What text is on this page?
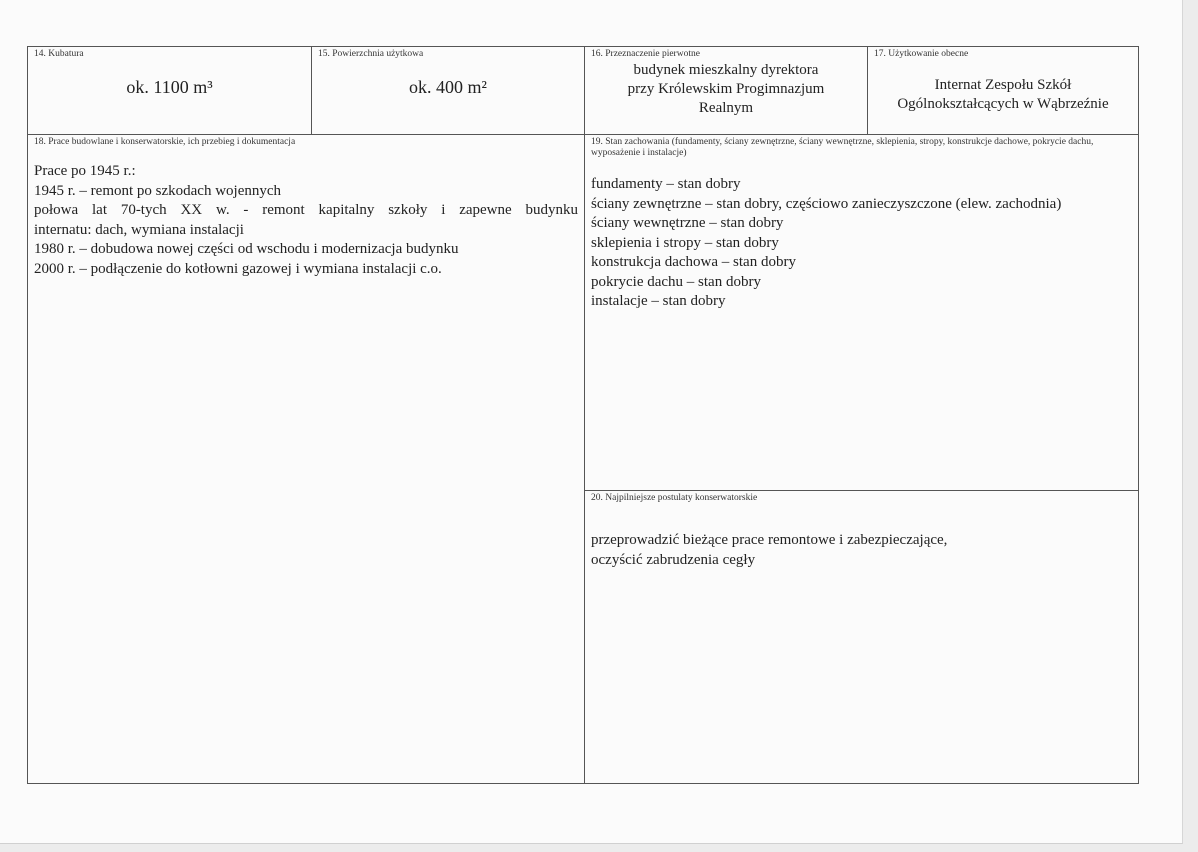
14. Kubatura
ok. 1100 m³
15. Powierzchnia użytkowa
ok. 400 m²
16. Przeznaczenie pierwotne
budynek mieszkalny dyrektora
przy Królewskim Progimnazjum
Realnym
17. Użytkowanie obecne
Internat Zespołu Szkół
Ogólnokształcących w Wąbrzeźnie
18. Prace budowlane i konserwatorskie, ich przebieg i dokumentacja
Prace po 1945 r.:
1945 r. – remont po szkodach wojennych
połowa lat 70-tych XX w. - remont kapitalny szkoły i zapewne budynku
internatu: dach, wymiana instalacji
1980 r. – dobudowa nowej części od wschodu i modernizacja budynku
2000 r. – podłączenie do kotłowni gazowej i wymiana instalacji c.o.
19. Stan zachowania (fundamenty, ściany zewnętrzne, ściany wewnętrzne, sklepienia, stropy, konstrukcje dachowe, pokrycie dachu, wyposażenie i instalacje)
fundamenty – stan dobry
ściany zewnętrzne – stan dobry, częściowo zanieczyszczone (elew. zachodnia)
ściany wewnętrzne – stan dobry
sklepienia i stropy – stan dobry
konstrukcja dachowa – stan dobry
pokrycie dachu – stan dobry
instalacje – stan dobry
20. Najpilniejsze postulaty konserwatorskie
przeprowadzić bieżące prace remontowe i zabezpieczające,
oczyścić zabrudzenia cegły
